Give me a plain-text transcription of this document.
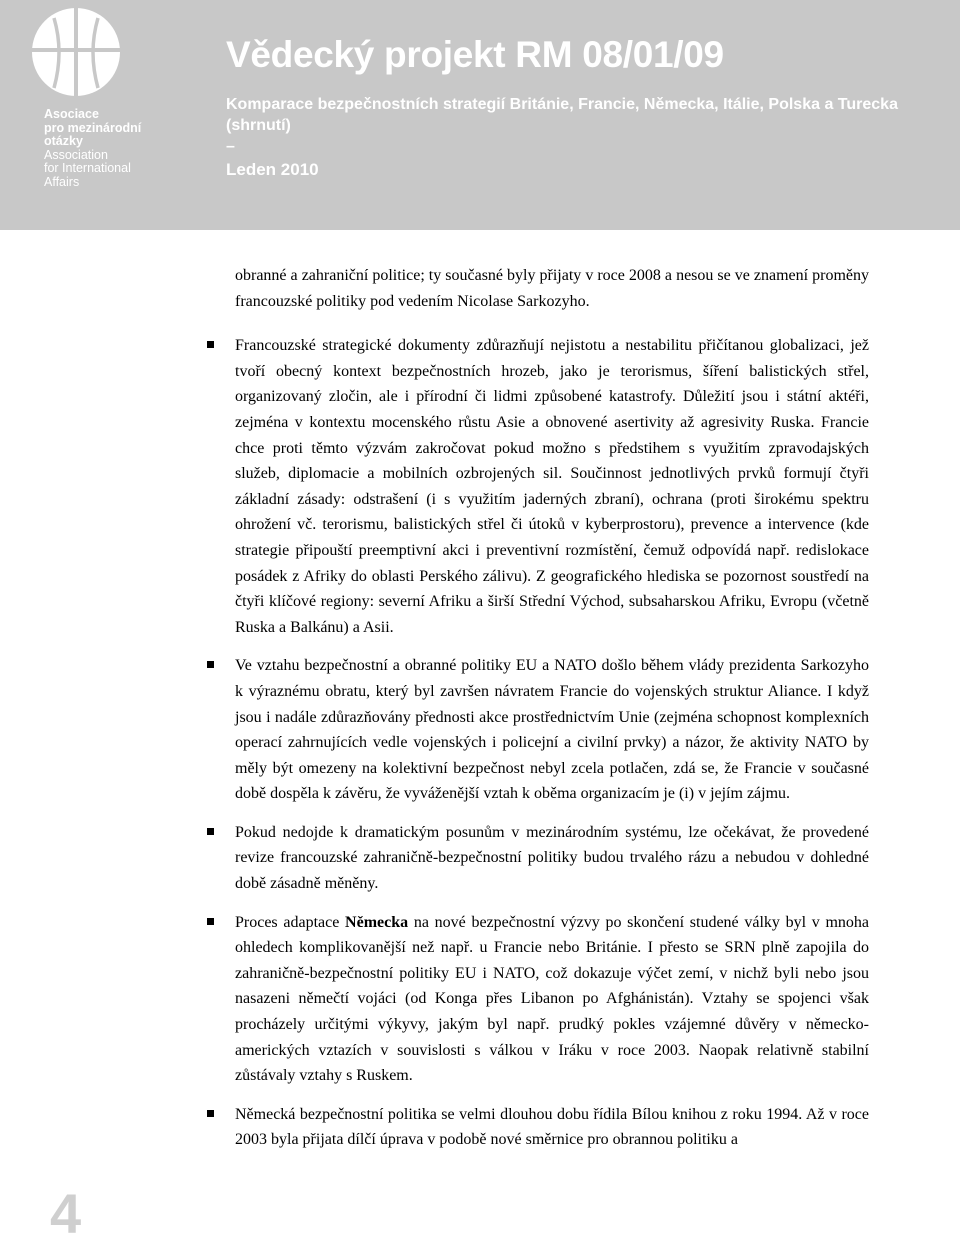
Asociace
pro mezinárodní
otázky
Association
for International
Affairs
Vědecký projekt RM 08/01/09
Komparace bezpečnostních strategií Británie, Francie, Německa, Itálie, Polska a Turecka (shrnutí)
–
Leden 2010

obranné a zahraniční politice; ty současné byly přijaty v roce 2008 a nesou se ve znamení proměny francouzské politiky pod vedením Nicolase Sarkozyho.

Francouzské strategické dokumenty zdůrazňují nejistotu a nestabilitu přičítanou globalizaci, jež tvoří obecný kontext bezpečnostních hrozeb, jako je terorismus, šíření balistických střel, organizovaný zločin, ale i přírodní či lidmi způsobené katastrofy. Důležití jsou i státní aktéři, zejména v kontextu mocenského růstu Asie a obnovené asertivity až agresivity Ruska. Francie chce proti těmto výzvám zakročovat pokud možno s předstihem s využitím zpravodajských služeb, diplomacie a mobilních ozbrojených sil. Součinnost jednotlivých prvků formují čtyři základní zásady: odstrašení (i s využitím jaderných zbraní), ochrana (proti širokému spektru ohrožení vč. terorismu, balistických střel či útoků v kyberprostoru), prevence a intervence (kde strategie připouští preemptivní akci i preventivní rozmístění, čemuž odpovídá např. redislokace posádek z Afriky do oblasti Perského zálivu). Z geografického hlediska se pozornost soustředí na čtyři klíčové regiony: severní Afriku a širší Střední Východ, subsaharskou Afriku, Evropu (včetně Ruska a Balkánu) a Asii.
Ve vztahu bezpečnostní a obranné politiky EU a NATO došlo během vlády prezidenta Sarkozyho k výraznému obratu, který byl završen návratem Francie do vojenských struktur Aliance. I když jsou i nadále zdůrazňovány přednosti akce prostřednictvím Unie (zejména schopnost komplexních operací zahrnujících vedle vojenských i policejní a civilní prvky) a názor, že aktivity NATO by měly být omezeny na kolektivní bezpečnost nebyl zcela potlačen, zdá se, že Francie v současné době dospěla k závěru, že vyváženější vztah k oběma organizacím je (i) v jejím zájmu.
Pokud nedojde k dramatickým posunům v mezinárodním systému, lze očekávat, že provedené revize francouzské zahraničně-bezpečnostní politiky budou trvalého rázu a nebudou v dohledné době zásadně měněny.
Proces adaptace Německa na nové bezpečnostní výzvy po skončení studené války byl v mnoha ohledech komplikovanější než např. u Francie nebo Británie. I přesto se SRN plně zapojila do zahraničně-bezpečnostní politiky EU i NATO, což dokazuje výčet zemí, v nichž byli nebo jsou nasazeni němečtí vojáci (od Konga přes Libanon po Afghánistán). Vztahy se spojenci však procházely určitými výkyvy, jakým byl např. prudký pokles vzájemné důvěry v německo-amerických vztazích v souvislosti s válkou v Iráku v roce 2003. Naopak relativně stabilní zůstávaly vztahy s Ruskem.
Německá bezpečnostní politika se velmi dlouhou dobu řídila Bílou knihou z roku 1994. Až v roce 2003 byla přijata dílčí úprava v podobě nové směrnice pro obrannou politiku a
4
